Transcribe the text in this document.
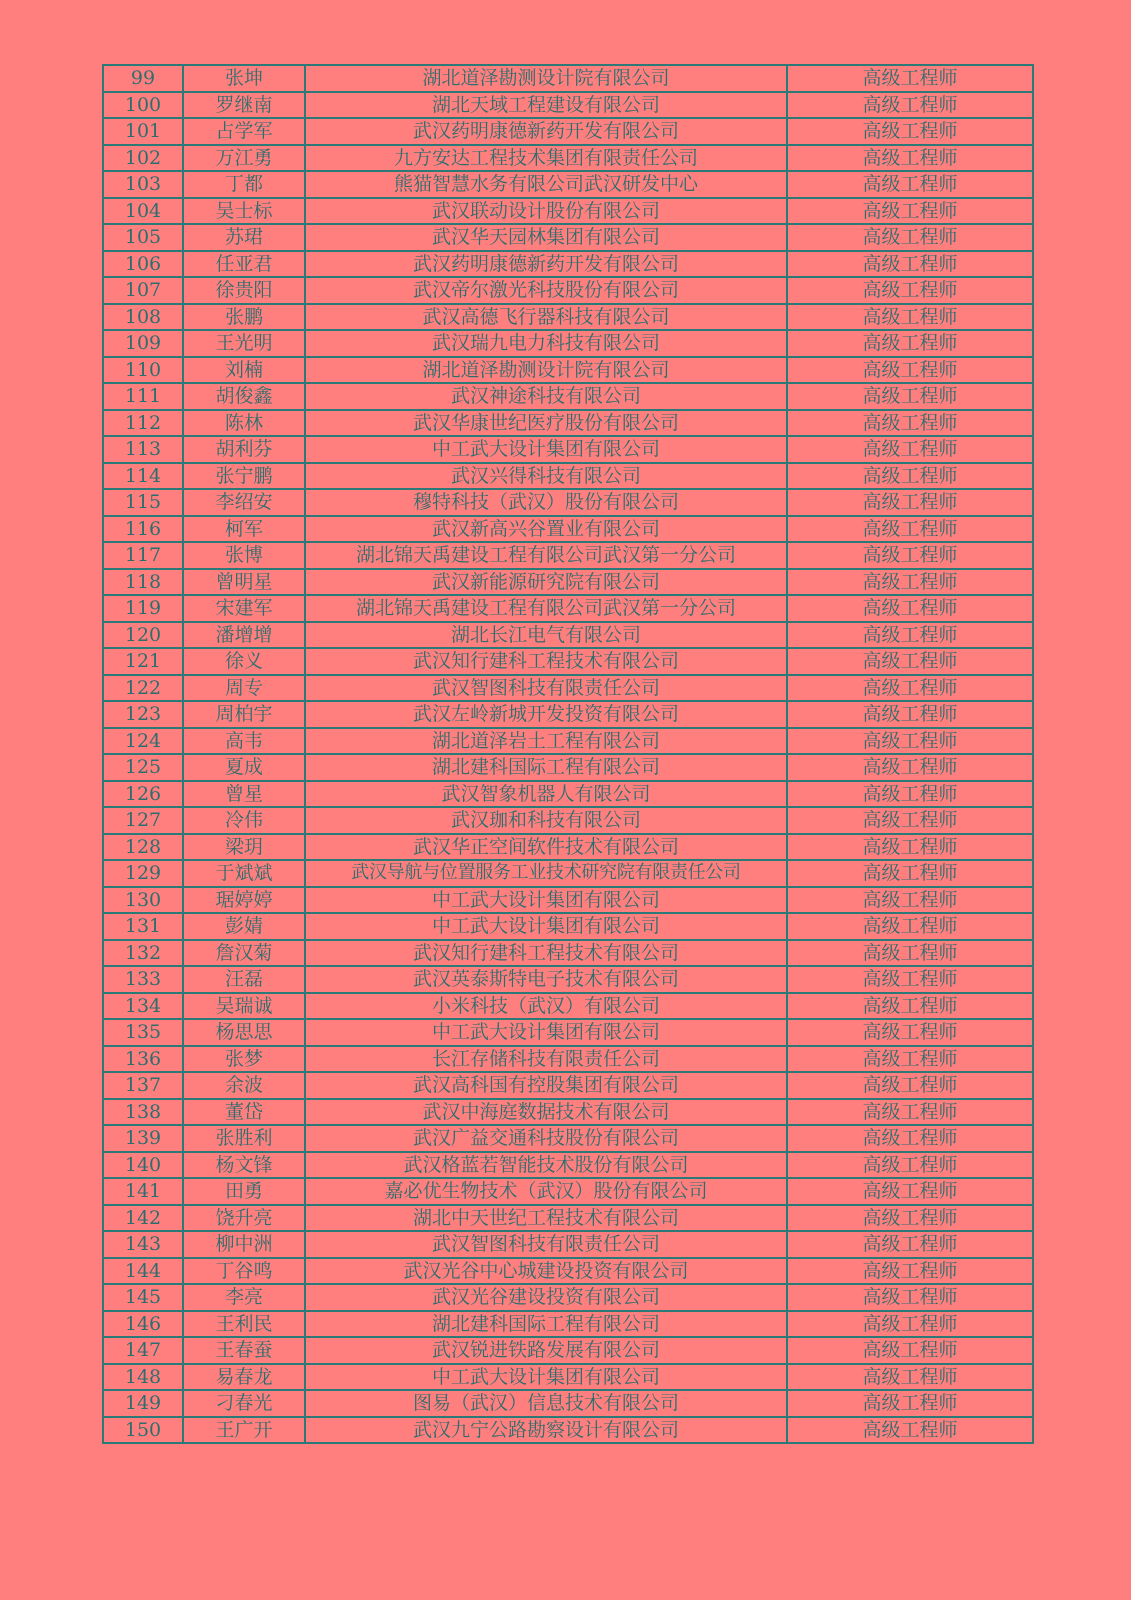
99	张坤	湖北道泽勘测设计院有限公司	高级工程师
100	罗继南	湖北天域工程建设有限公司	高级工程师
101	占学军	武汉药明康德新药开发有限公司	高级工程师
102	万江勇	九方安达工程技术集团有限责任公司	高级工程师
103	丁都	熊猫智慧水务有限公司武汉研发中心	高级工程师
104	吴士标	武汉联动设计股份有限公司	高级工程师
105	苏珺	武汉华天园林集团有限公司	高级工程师
106	任亚君	武汉药明康德新药开发有限公司	高级工程师
107	徐贵阳	武汉帝尔激光科技股份有限公司	高级工程师
108	张鹏	武汉高德飞行器科技有限公司	高级工程师
109	王光明	武汉瑞九电力科技有限公司	高级工程师
110	刘楠	湖北道泽勘测设计院有限公司	高级工程师
111	胡俊鑫	武汉神途科技有限公司	高级工程师
112	陈林	武汉华康世纪医疗股份有限公司	高级工程师
113	胡利芬	中工武大设计集团有限公司	高级工程师
114	张宁鹏	武汉兴得科技有限公司	高级工程师
115	李绍安	穆特科技（武汉）股份有限公司	高级工程师
116	柯军	武汉新高兴谷置业有限公司	高级工程师
117	张博	湖北锦天禹建设工程有限公司武汉第一分公司	高级工程师
118	曾明星	武汉新能源研究院有限公司	高级工程师
119	宋建军	湖北锦天禹建设工程有限公司武汉第一分公司	高级工程师
120	潘增增	湖北长江电气有限公司	高级工程师
121	徐义	武汉知行建科工程技术有限公司	高级工程师
122	周专	武汉智图科技有限责任公司	高级工程师
123	周柏宇	武汉左岭新城开发投资有限公司	高级工程师
124	高韦	湖北道泽岩土工程有限公司	高级工程师
125	夏成	湖北建科国际工程有限公司	高级工程师
126	曾星	武汉智象机器人有限公司	高级工程师
127	冷伟	武汉珈和科技有限公司	高级工程师
128	梁玥	武汉华正空间软件技术有限公司	高级工程师
129	于斌斌	武汉导航与位置服务工业技术研究院有限责任公司	高级工程师
130	琚婷婷	中工武大设计集团有限公司	高级工程师
131	彭婧	中工武大设计集团有限公司	高级工程师
132	詹汉菊	武汉知行建科工程技术有限公司	高级工程师
133	汪磊	武汉英泰斯特电子技术有限公司	高级工程师
134	吴瑞诚	小米科技（武汉）有限公司	高级工程师
135	杨思思	中工武大设计集团有限公司	高级工程师
136	张梦	长江存储科技有限责任公司	高级工程师
137	余波	武汉高科国有控股集团有限公司	高级工程师
138	董岱	武汉中海庭数据技术有限公司	高级工程师
139	张胜利	武汉广益交通科技股份有限公司	高级工程师
140	杨文锋	武汉格蓝若智能技术股份有限公司	高级工程师
141	田勇	嘉必优生物技术（武汉）股份有限公司	高级工程师
142	饶升亮	湖北中天世纪工程技术有限公司	高级工程师
143	柳中洲	武汉智图科技有限责任公司	高级工程师
144	丁谷鸣	武汉光谷中心城建设投资有限公司	高级工程师
145	李亮	武汉光谷建设投资有限公司	高级工程师
146	王利民	湖北建科国际工程有限公司	高级工程师
147	王春蚕	武汉锐进铁路发展有限公司	高级工程师
148	易春龙	中工武大设计集团有限公司	高级工程师
149	刁春光	图易（武汉）信息技术有限公司	高级工程师
150	王广开	武汉九宁公路勘察设计有限公司	高级工程师
